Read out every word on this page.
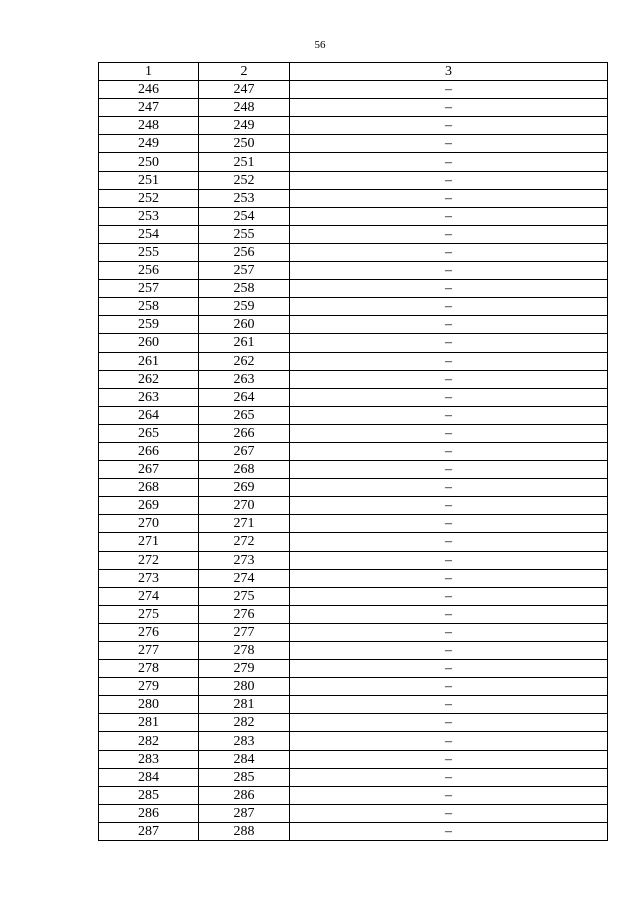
56
1	2	3
246	247	–
247	248	–
248	249	–
249	250	–
250	251	–
251	252	–
252	253	–
253	254	–
254	255	–
255	256	–
256	257	–
257	258	–
258	259	–
259	260	–
260	261	–
261	262	–
262	263	–
263	264	–
264	265	–
265	266	–
266	267	–
267	268	–
268	269	–
269	270	–
270	271	–
271	272	–
272	273	–
273	274	–
274	275	–
275	276	–
276	277	–
277	278	–
278	279	–
279	280	–
280	281	–
281	282	–
282	283	–
283	284	–
284	285	–
285	286	–
286	287	–
287	288	–
